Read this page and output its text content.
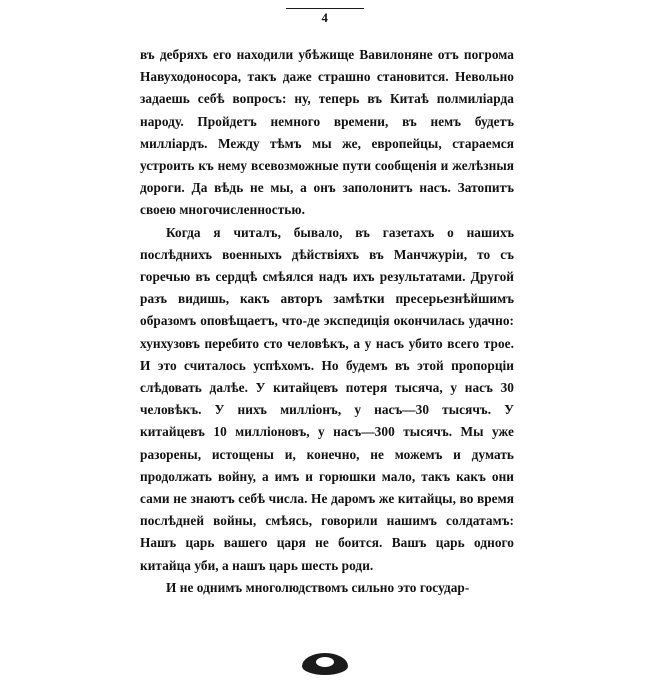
4

въ дебряхъ его находили убѣжище Вавилоняне отъ погрома Навуходоносора, такъ даже страшно становится. Невольно задаешь себѣ вопросъ: ну, теперь въ Китаѣ полмиліарда народу. Пройдетъ немного времени, въ немъ будетъ милліардъ. Между тѣмъ мы же, европейцы, стараемся устроить къ нему всевозможные пути сообщенія и желѣзныя дороги. Да вѣдь не мы, а онъ заполонитъ насъ. Затопитъ своею многочисленностью.

Когда я читалъ, бывало, въ газетахъ о нашихъ послѣднихъ военныхъ дѣйствіяхъ въ Манчжуріи, то съ горечью въ сердцѣ смѣялся надъ ихъ результатами. Другой разъ видишь, какъ авторъ замѣтки пресерьезнѣйшимъ образомъ оповѣщаетъ, что-де экспедиція окончилась удачно: хунхузовъ перебито сто человѣкъ, а у насъ убито всего трое. И это считалось успѣхомъ. Но будемъ въ этой пропорціи слѣдовать далѣе. У китайцевъ потеря тысяча, у насъ 30 человѣкъ. У нихъ милліонъ, у насъ—30 тысячъ. У китайцевъ 10 милліоновъ, у насъ—300 тысячъ. Мы уже разорены, истощены и, конечно, не можемъ и думать продолжать войну, а имъ и горюшки мало, такъ какъ они сами не знаютъ себѣ числа. Не даромъ же китайцы, во время послѣдней войны, смѣясь, говорили нашимъ солдатамъ: Нашъ царь вашего царя не боится. Вашъ царь одного китайца уби, а нашъ царь шесть роди.

И не однимъ многолюдствомъ сильно это государ-
